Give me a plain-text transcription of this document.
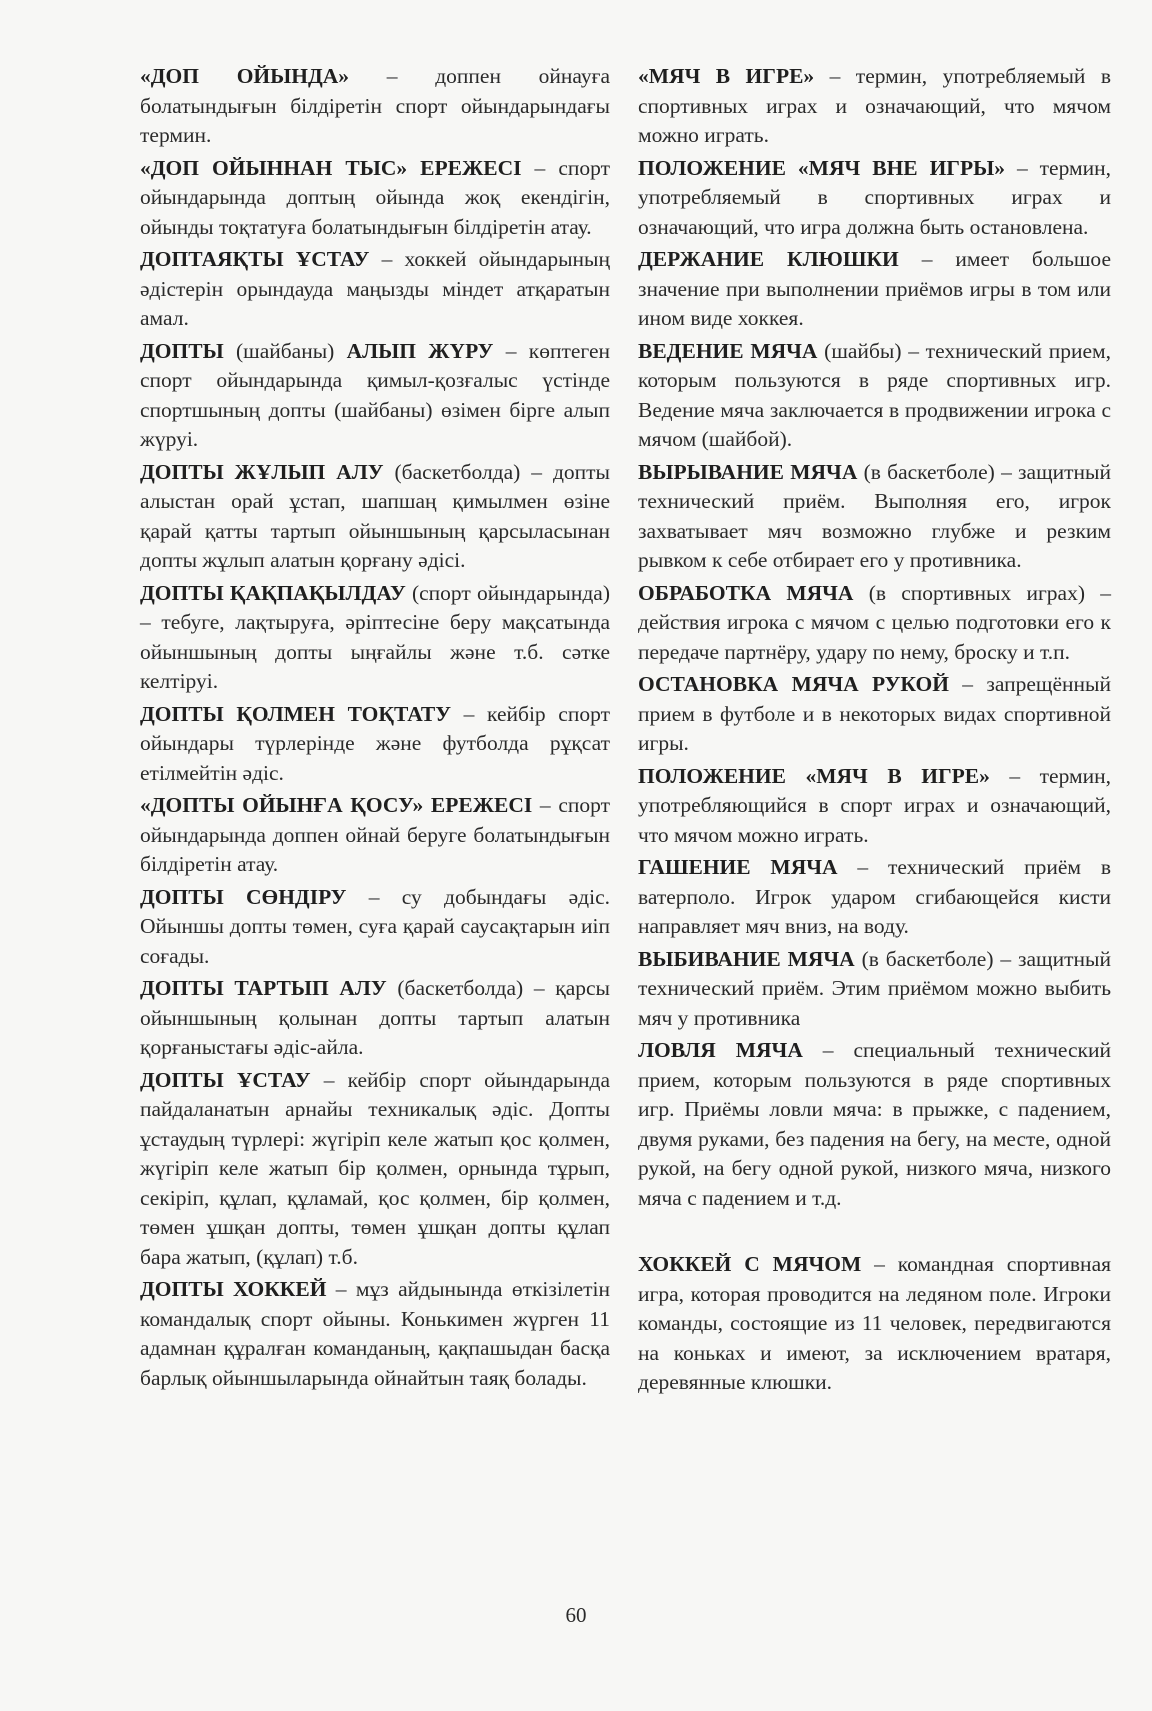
«ДОП ОЙЫНДА» – доппен ойнауға болатындығын білдіретін спорт ойындарындағы термин.

«ДОП ОЙЫННАН ТЫС» ЕРЕЖЕСІ – спорт ойындарында доптың ойында жоқ екендігін, ойынды тоқтатуға болатындығын білдіретін атау.

ДОПТАЯҚТЫ ҰСТАУ – хоккей ойындарының әдістерін орындауда маңызды міндет атқаратын амал.

ДОПТЫ (шайбаны) АЛЫП ЖҮРУ – көптеген спорт ойындарында қимыл-қозғалыс үстінде спортшының допты (шайбаны) өзімен бірге алып жүруі.

ДОПТЫ ЖҰЛЫП АЛУ (баскетболда) – допты алыстан орай ұстап, шапшаң қимылмен өзіне қарай қатты тартып ойыншының қарсыласынан допты жұлып алатын қорғану әдісі.

ДОПТЫ ҚАҚПАҚЫЛДАУ (спорт ойындарында) – тебуге, лақтыруға, әріптесіне беру мақсатында ойыншының допты ыңғайлы және т.б. сәтке келтіруі.

ДОПТЫ ҚОЛМЕН ТОҚТАТУ – кейбір спорт ойындары түрлерінде және футболда рұқсат етілмейтін әдіс.

«ДОПТЫ ОЙЫНҒА ҚОСУ» ЕРЕЖЕСІ – спорт ойындарында доппен ойнай беруге болатындығын білдіретін атау.

ДОПТЫ СӨНДІРУ – су добындағы әдіс. Ойыншы допты төмен, суға қарай саусақтарын иіп соғады.

ДОПТЫ ТАРТЫП АЛУ (баскетболда) – қарсы ойыншының қолынан допты тартып алатын қорғаныстағы әдіс-айла.

ДОПТЫ ҰСТАУ – кейбір спорт ойындарында пайдаланатын арнайы техникалық әдіс. Допты ұстаудың түрлері: жүгіріп келе жатып қос қолмен, жүгіріп келе жатып бір қолмен, орнында тұрып, секіріп, құлап, құламай, қос қолмен, бір қолмен, төмен ұшқан допты, төмен ұшқан допты құлап бара жатып, (құлап) т.б.

ДОПТЫ ХОККЕЙ – мұз айдынында өткізілетін командалық спорт ойыны. Конькимен жүрген 11 адамнан құралған команданың, қақпашыдан басқа барлық ойыншыларында ойнайтын таяқ болады.

«МЯЧ В ИГРЕ» – термин, употребляемый в спортивных играх и означающий, что мячом можно играть.

ПОЛОЖЕНИЕ «МЯЧ ВНЕ ИГРЫ» – термин, употребляемый в спортивных играх и означающий, что игра должна быть остановлена.

ДЕРЖАНИЕ КЛЮШКИ – имеет большое значение при выполнении приёмов игры в том или ином виде хоккея.

ВЕДЕНИЕ МЯЧА (шайбы) – технический прием, которым пользуются в ряде спортивных игр. Ведение мяча заключается в продвижении игрока с мячом (шайбой).

ВЫРЫВАНИЕ МЯЧА (в баскетболе) – защитный технический приём. Выполняя его, игрок захватывает мяч возможно глубже и резким рывком к себе отбирает его у противника.

ОБРАБОТКА МЯЧА (в спортивных играх) – действия игрока с мячом с целью подготовки его к передаче партнёру, удару по нему, броску и т.п.

ОСТАНОВКА МЯЧА РУКОЙ – запрещённый прием в футболе и в некоторых видах спортивной игры.

ПОЛОЖЕНИЕ «МЯЧ В ИГРЕ» – термин, употребляющийся в спорт играх и означающий, что мячом можно играть.

ГАШЕНИЕ МЯЧА – технический приём в ватерполо. Игрок ударом сгибающейся кисти направляет мяч вниз, на воду.

ВЫБИВАНИЕ МЯЧА (в баскетболе) – защитный технический приём. Этим приёмом можно выбить мяч у противника

ЛОВЛЯ МЯЧА – специальный технический прием, которым пользуются в ряде спортивных игр. Приёмы ловли мяча: в прыжке, с падением, двумя руками, без падения на бегу, на месте, одной рукой, на бегу одной рукой, низкого мяча, низкого мяча с падением и т.д.

ХОККЕЙ С МЯЧОМ – командная спортивная игра, которая проводится на ледяном поле. Игроки команды, состоящие из 11 человек, передвигаются на коньках и имеют, за исключением вратаря, деревянные клюшки.

60
